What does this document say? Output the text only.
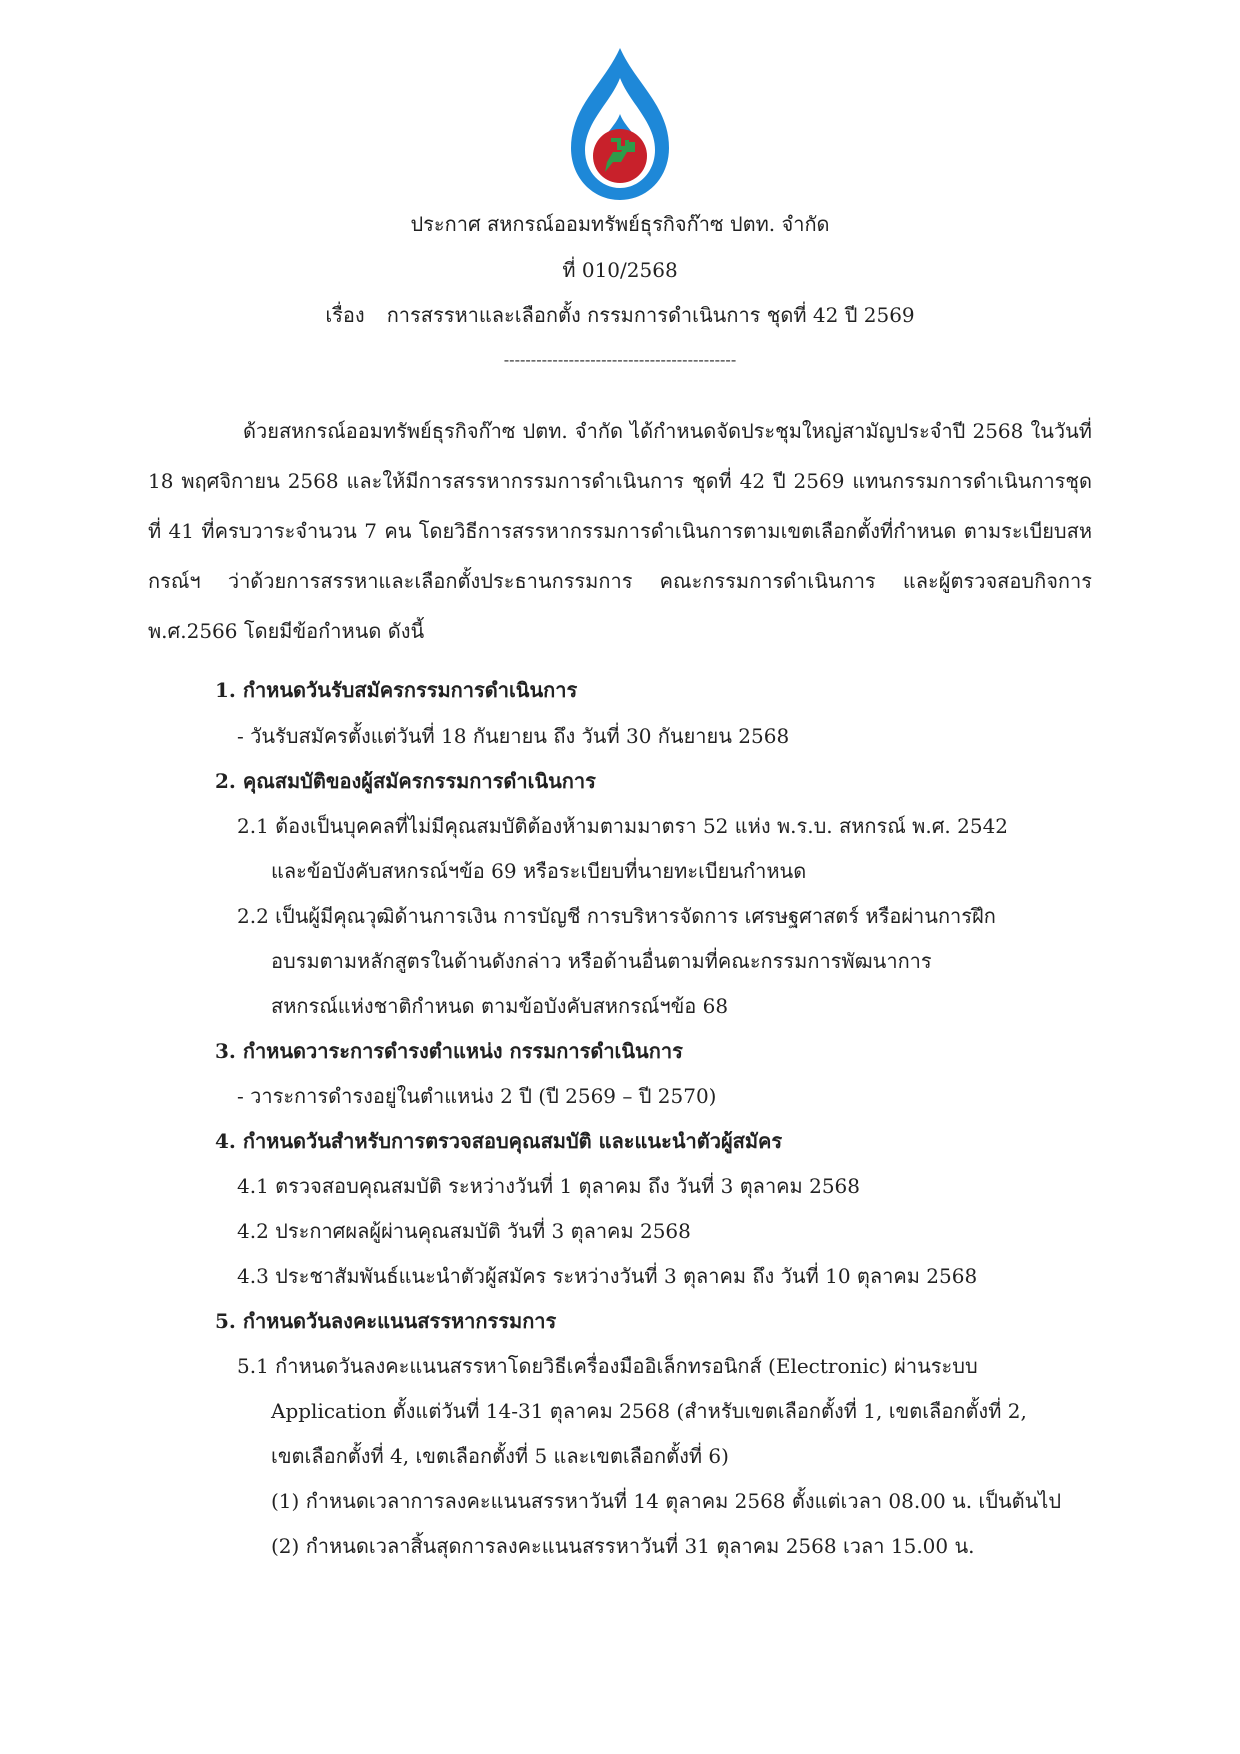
ประกาศ สหกรณ์ออมทรัพย์ธุรกิจก๊าซ ปตท. จำกัด
ที่ 010/2568
เรื่อง การสรรหาและเลือกตั้ง กรรมการดำเนินการ ชุดที่ 42 ปี 2569
-------------------------------------------
ด้วยสหกรณ์ออมทรัพย์ธุรกิจก๊าซ ปตท. จำกัด ได้กำหนดจัดประชุมใหญ่สามัญประจำปี 2568 ในวันที่ 18 พฤศจิกายน 2568 และให้มีการสรรหากรรมการดำเนินการ ชุดที่ 42 ปี 2569 แทนกรรมการดำเนินการชุดที่ 41 ที่ครบวาระจำนวน 7 คน โดยวิธีการสรรหากรรมการดำเนินการตามเขตเลือกตั้งที่กำหนด ตามระเบียบสหกรณ์ฯ ว่าด้วยการสรรหาและเลือกตั้งประธานกรรมการ คณะกรรมการดำเนินการ และผู้ตรวจสอบกิจการ พ.ศ.2566 โดยมีข้อกำหนด ดังนี้
1. กำหนดวันรับสมัครกรรมการดำเนินการ
- วันรับสมัครตั้งแต่วันที่ 18 กันยายน ถึง วันที่ 30 กันยายน 2568
2. คุณสมบัติของผู้สมัครกรรมการดำเนินการ
2.1 ต้องเป็นบุคคลที่ไม่มีคุณสมบัติต้องห้ามตามมาตรา 52 แห่ง พ.ร.บ. สหกรณ์ พ.ศ. 2542
และข้อบังคับสหกรณ์ฯข้อ 69 หรือระเบียบที่นายทะเบียนกำหนด
2.2 เป็นผู้มีคุณวุฒิด้านการเงิน การบัญชี การบริหารจัดการ เศรษฐศาสตร์ หรือผ่านการฝึก
อบรมตามหลักสูตรในด้านดังกล่าว หรือด้านอื่นตามที่คณะกรรมการพัฒนาการ
สหกรณ์แห่งชาติกำหนด ตามข้อบังคับสหกรณ์ฯข้อ 68
3. กำหนดวาระการดำรงตำแหน่ง กรรมการดำเนินการ
- วาระการดำรงอยู่ในตำแหน่ง 2 ปี (ปี 2569 – ปี 2570)
4. กำหนดวันสำหรับการตรวจสอบคุณสมบัติ และแนะนำตัวผู้สมัคร
4.1 ตรวจสอบคุณสมบัติ ระหว่างวันที่ 1 ตุลาคม ถึง วันที่ 3 ตุลาคม 2568
4.2 ประกาศผลผู้ผ่านคุณสมบัติ วันที่ 3 ตุลาคม 2568
4.3 ประชาสัมพันธ์แนะนำตัวผู้สมัคร ระหว่างวันที่ 3 ตุลาคม ถึง วันที่ 10 ตุลาคม 2568
5. กำหนดวันลงคะแนนสรรหากรรมการ
5.1 กำหนดวันลงคะแนนสรรหาโดยวิธีเครื่องมืออิเล็กทรอนิกส์ (Electronic) ผ่านระบบ
Application ตั้งแต่วันที่ 14-31 ตุลาคม 2568 (สำหรับเขตเลือกตั้งที่ 1, เขตเลือกตั้งที่ 2,
เขตเลือกตั้งที่ 4, เขตเลือกตั้งที่ 5 และเขตเลือกตั้งที่ 6)
(1) กำหนดเวลาการลงคะแนนสรรหาวันที่ 14 ตุลาคม 2568 ตั้งแต่เวลา 08.00 น. เป็นต้นไป
(2) กำหนดเวลาสิ้นสุดการลงคะแนนสรรหาวันที่ 31 ตุลาคม 2568 เวลา 15.00 น.
